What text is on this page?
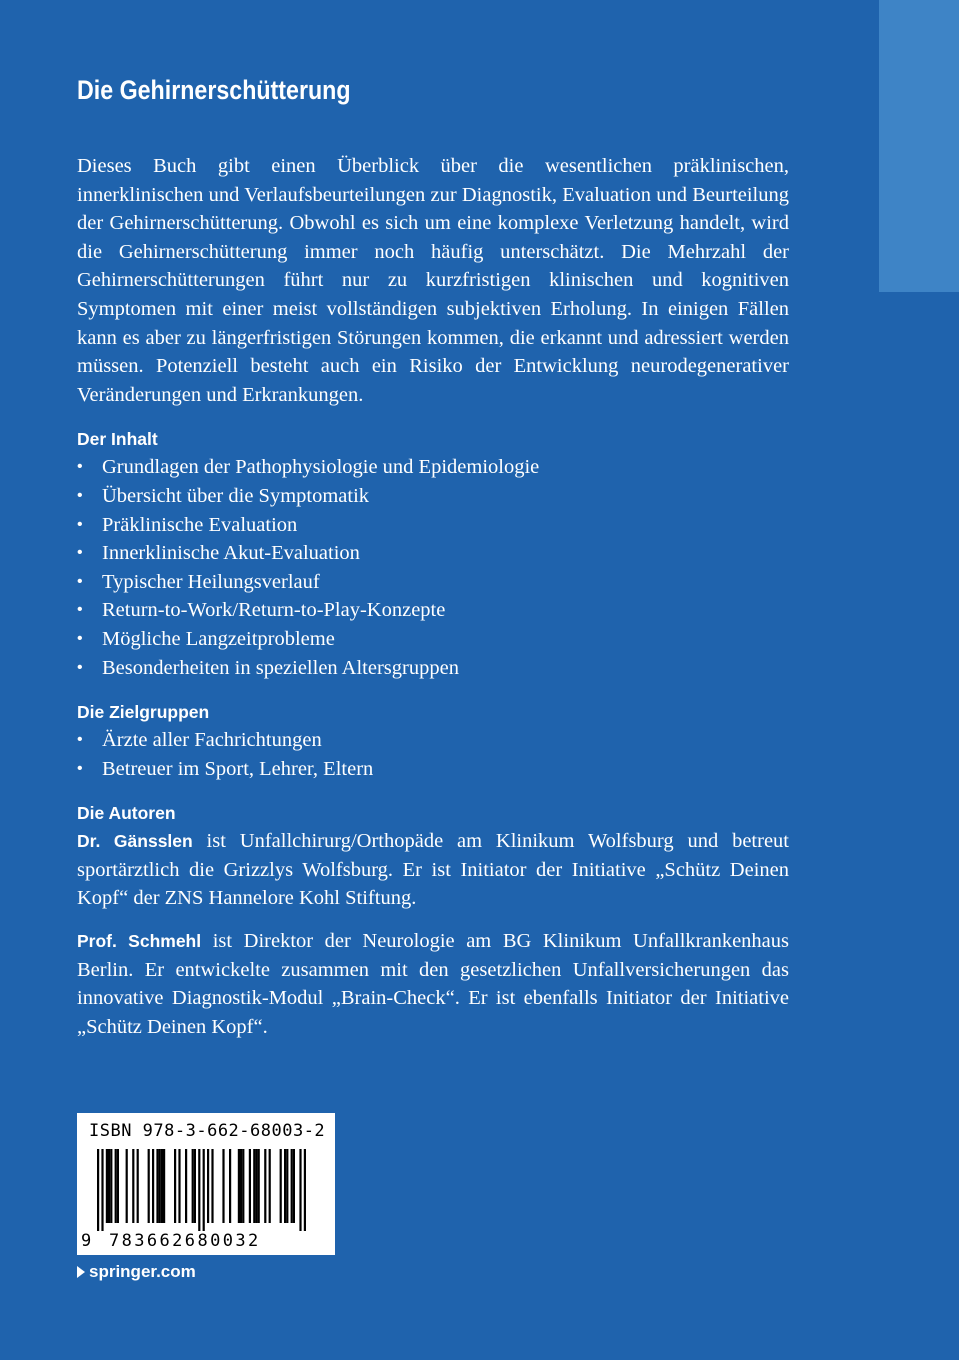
Die Gehirnerschütterung

Dieses Buch gibt einen Überblick über die wesentlichen präklinischen, innerklinischen und Verlaufsbeurteilungen zur Diagnostik, Evaluation und Beurteilung der Gehirnerschütterung. Obwohl es sich um eine komplexe Verletzung handelt, wird die Gehirnerschütterung immer noch häufig unterschätzt. Die Mehrzahl der Gehirnerschütterungen führt nur zu kurzfristigen klinischen und kognitiven Symptomen mit einer meist vollständigen subjektiven Erholung. In einigen Fällen kann es aber zu längerfristigen Störungen kommen, die erkannt und adressiert werden müssen. Potenziell besteht auch ein Risiko der Entwicklung neurodegenerativer Veränderungen und Erkrankungen.

Der Inhalt
• Grundlagen der Pathophysiologie und Epidemiologie
• Übersicht über die Symptomatik
• Präklinische Evaluation
• Innerklinische Akut-Evaluation
• Typischer Heilungsverlauf
• Return-to-Work/Return-to-Play-Konzepte
• Mögliche Langzeitprobleme
• Besonderheiten in speziellen Altersgruppen
Die Zielgruppen
• Ärzte aller Fachrichtungen
• Betreuer im Sport, Lehrer, Eltern
Die Autoren

Dr. Gänsslen ist Unfallchirurg/Orthopäde am Klinikum Wolfsburg und betreut sportärztlich die Grizzlys Wolfsburg. Er ist Initiator der Initiative „Schütz Deinen Kopf“ der ZNS Hannelore Kohl Stiftung.

Prof. Schmehl ist Direktor der Neurologie am BG Klinikum Unfallkrankenhaus Berlin. Er entwickelte zusammen mit den gesetzlichen Unfallversicherungen das innovative Diagnostik-Modul „Brain-Check“. Er ist ebenfalls Initiator der Initiative „Schütz Deinen Kopf“.

ISBN 978-3-662-68003-2
9 783662680032
springer.com
